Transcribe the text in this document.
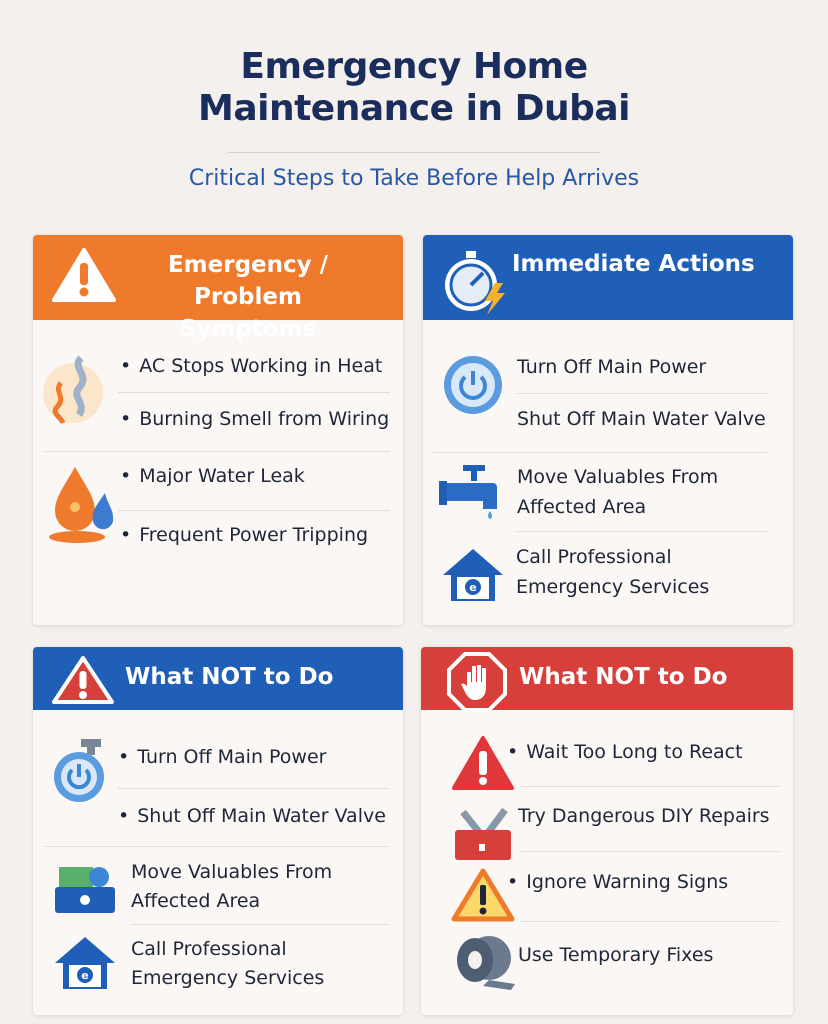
Emergency Home
Maintenance in Dubai
Critical Steps to Take Before Help Arrives
Emergency / Problem
Symptoms
• AC Stops Working in Heat
• Burning Smell from Wiring
• Major Water Leak
• Frequent Power Tripping
Immediate Actions
Turn Off Main Power
Shut Off Main Water Valve
Move Valuables From
Affected Area
e
Call Professional
Emergency Services
What NOT to Do
• Turn Off Main Power
• Shut Off Main Water Valve
Move Valuables From
Affected Area
e
Call Professional
Emergency Services
What NOT to Do
• Wait Too Long to React
Try Dangerous DIY Repairs
• Ignore Warning Signs
Use Temporary Fixes
